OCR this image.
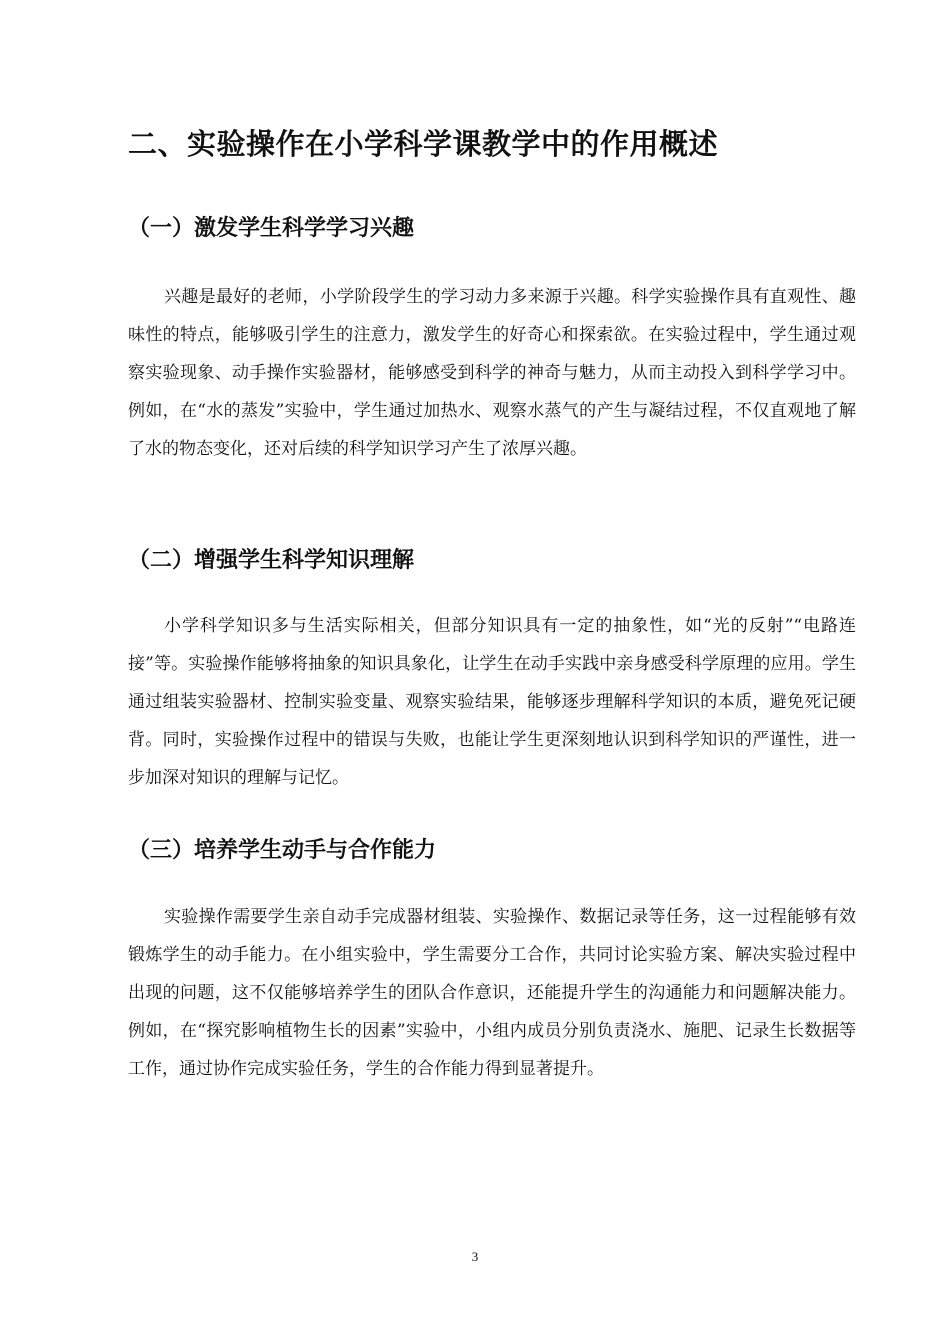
二、实验操作在小学科学课教学中的作用概述
（一）激发学生科学学习兴趣

兴趣是最好的老师，小学阶段学生的学习动力多来源于兴趣。科学实验操作具有直观性、趣味性的特点，能够吸引学生的注意力，激发学生的好奇心和探索欲。在实验过程中，学生通过观察实验现象、动手操作实验器材，能够感受到科学的神奇与魅力，从而主动投入到科学学习中。例如，在“水的蒸发”实验中，学生通过加热水、观察水蒸气的产生与凝结过程，不仅直观地了解了水的物态变化，还对后续的科学知识学习产生了浓厚兴趣。

（二）增强学生科学知识理解

小学科学知识多与生活实际相关，但部分知识具有一定的抽象性，如“光的反射”“电路连接”等。实验操作能够将抽象的知识具象化，让学生在动手实践中亲身感受科学原理的应用。学生通过组装实验器材、控制实验变量、观察实验结果，能够逐步理解科学知识的本质，避免死记硬背。同时，实验操作过程中的错误与失败，也能让学生更深刻地认识到科学知识的严谨性，进一步加深对知识的理解与记忆。

（三）培养学生动手与合作能力

实验操作需要学生亲自动手完成器材组装、实验操作、数据记录等任务，这一过程能够有效锻炼学生的动手能力。在小组实验中，学生需要分工合作，共同讨论实验方案、解决实验过程中出现的问题，这不仅能够培养学生的团队合作意识，还能提升学生的沟通能力和问题解决能力。例如，在“探究影响植物生长的因素”实验中，小组内成员分别负责浇水、施肥、记录生长数据等工作，通过协作完成实验任务，学生的合作能力得到显著提升。

3
